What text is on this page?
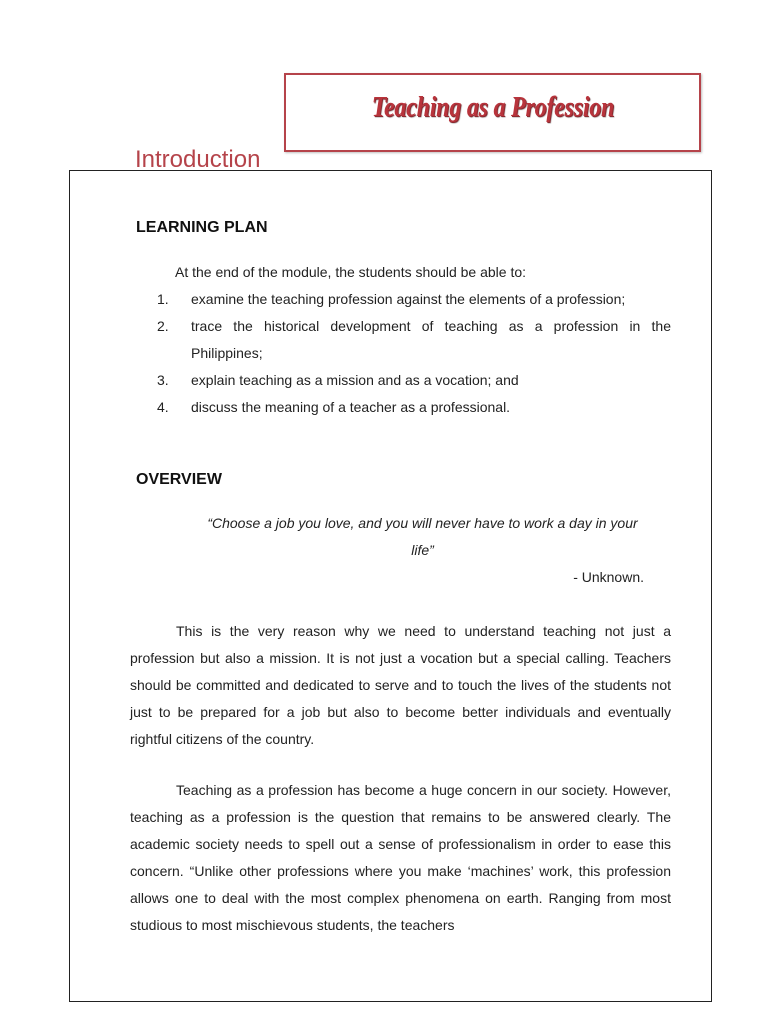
Teaching as a Profession
Introduction
LEARNING PLAN
At the end of the module, the students should be able to:
1.	examine the teaching profession against the elements of a profession;
2.	trace the historical development of teaching as a profession in the Philippines;
3.	explain teaching as a mission and as a vocation; and
4.	discuss the meaning of a teacher as a professional.
OVERVIEW
“Choose a job you love, and you will never have to work a day in your life”
- Unknown.

This is the very reason why we need to understand teaching not just a profession but also a mission. It is not just a vocation but a special calling. Teachers should be committed and dedicated to serve and to touch the lives of the students not just to be prepared for a job but also to become better individuals and eventually rightful citizens of the country.

Teaching as a profession has become a huge concern in our society. However, teaching as a profession is the question that remains to be answered clearly. The academic society needs to spell out a sense of professionalism in order to ease this concern. “Unlike other professions where you make ‘machines’ work, this profession allows one to deal with the most complex phenomena on earth. Ranging from most studious to most mischievous students, the teachers
